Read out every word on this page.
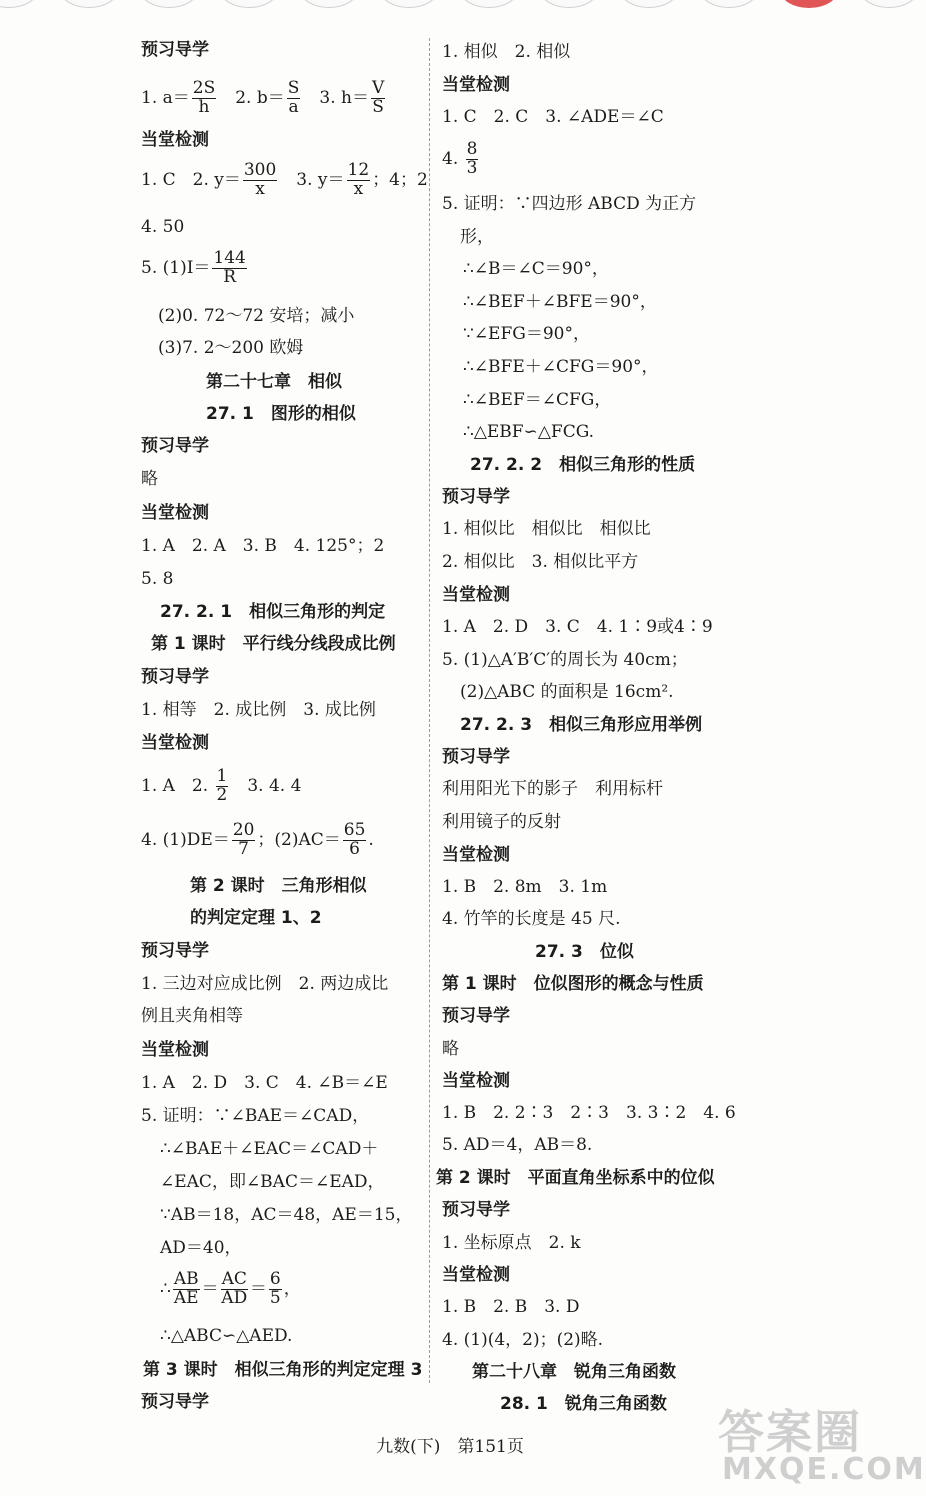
预习导学
1. $a= \frac{2S}{h}$ 　2. $b= \frac{S}{a}$ 　3. $h= \frac{V}{S}$
当堂检测
1. C　2. $y= \frac{300}{x}$ 　3. $y= \frac{12}{x}$ ；4；2
4. 50
5. $(1)I= \frac{144}{R}$
(2)0. 72～72 安培；减小
(3)7. 2～200 欧姆
第二十七章　相似
27. 1　图形的相似
预习导学
略
当堂检测
1. A　2. A　3. B　4. 125°；2
5. 8
27. 2. 1　相似三角形的判定
第 1 课时　平行线分线段成比例
预习导学
1. 相等　2. 成比例　3. 成比例
当堂检测
1. A　2. $\frac{1}{2}$ 　3. 4. 4
4. $(1)DE= \frac{20}{7}$ ；$(2)AC= \frac{65}{6}$ .
第 2 课时　三角形相似
的判定定理 1、2
预习导学
1. 三边对应成比例　2. 两边成比
例且夹角相等
当堂检测
1. A　2. D　3. C　4. ∠B＝∠E
5. 证明：∵∠BAE＝∠CAD，
∴∠BAE＋∠EAC＝∠CAD＋
∠EAC，即∠BAC＝∠EAD，
∵AB＝18，AC＝48，AE＝15，
AD＝40，
∴ $\frac{AB}{AE} = \frac{AC}{AD} = \frac{6}{5}$ ，
∴△ABC∽△AED.
第 3 课时　相似三角形的判定定理 3
预习导学
1. 相似　2. 相似
当堂检测
1. C　2. C　3. ∠ADE＝∠C
4. $\frac{8}{3}$
5. 证明：∵四边形 ABCD 为正方
形，
∴∠B＝∠C＝90°，
∴∠BEF＋∠BFE＝90°，
∵∠EFG＝90°，
∴∠BFE＋∠CFG＝90°，
∴∠BEF＝∠CFG，
∴△EBF∽△FCG.
27. 2. 2　相似三角形的性质
预习导学
1. 相似比　相似比　相似比
2. 相似比　3. 相似比平方
当堂检测
1. A　2. D　3. C　4. 1∶9或4∶9
5. (1)△A′B′C′的周长为 40cm；
(2)△ABC 的面积是 16cm².
27. 2. 3　相似三角形应用举例
预习导学
利用阳光下的影子　利用标杆
利用镜子的反射
当堂检测
1. B　2. 8m　3. 1m
4. 竹竿的长度是 45 尺.
27. 3　位似
第 1 课时　位似图形的概念与性质
预习导学
略
当堂检测
1. B　2. 2∶3　2∶3　3. 3∶2　4. 6
5. AD＝4，AB＝8.
第 2 课时　平面直角坐标系中的位似
预习导学
1. 坐标原点　2. k
当堂检测
1. B　2. B　3. D
4. (1)(4，2)；(2)略.
第二十八章　锐角三角函数
28. 1　锐角三角函数
九数(下)　第151页	答案圈
MXQE.COM
